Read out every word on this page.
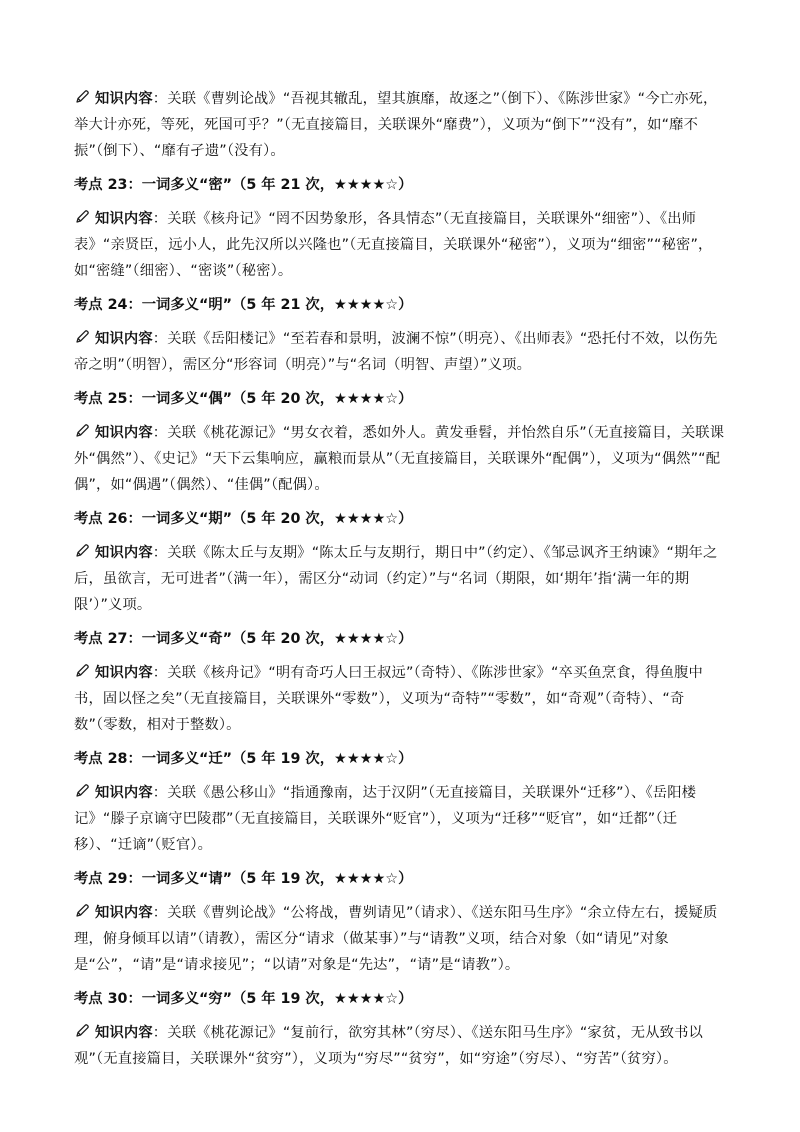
知识内容：关联《曹刿论战》“吾视其辙乱，望其旗靡，故逐之”（倒下）、《陈涉世家》“今亡亦死，举大计亦死，等死，死国可乎？”（无直接篇目，关联课外“靡费”），义项为“倒下”“没有”，如“靡不振”（倒下）、“靡有孑遗”（没有）。

考点 23：一词多义“密”（5 年 21 次，★★★★☆）

知识内容：关联《核舟记》“罔不因势象形，各具情态”（无直接篇目，关联课外“细密”）、《出师表》“亲贤臣，远小人，此先汉所以兴隆也”（无直接篇目，关联课外“秘密”），义项为“细密”“秘密”，如“密缝”（细密）、“密谈”（秘密）。

考点 24：一词多义“明”（5 年 21 次，★★★★☆）

知识内容：关联《岳阳楼记》“至若春和景明，波澜不惊”（明亮）、《出师表》“恐托付不效，以伤先帝之明”（明智），需区分“形容词（明亮）”与“名词（明智、声望）”义项。

考点 25：一词多义“偶”（5 年 20 次，★★★★☆）

知识内容：关联《桃花源记》“男女衣着，悉如外人。黄发垂髫，并怡然自乐”（无直接篇目，关联课外“偶然”）、《史记》“天下云集响应，赢粮而景从”（无直接篇目，关联课外“配偶”），义项为“偶然”“配偶”，如“偶遇”（偶然）、“佳偶”（配偶）。

考点 26：一词多义“期”（5 年 20 次，★★★★☆）

知识内容：关联《陈太丘与友期》“陈太丘与友期行，期日中”（约定）、《邹忌讽齐王纳谏》“期年之后，虽欲言，无可进者”（满一年），需区分“动词（约定）”与“名词（期限，如‘期年’指‘满一年的期限’）”义项。

考点 27：一词多义“奇”（5 年 20 次，★★★★☆）

知识内容：关联《核舟记》“明有奇巧人曰王叔远”（奇特）、《陈涉世家》“卒买鱼烹食，得鱼腹中书，固以怪之矣”（无直接篇目，关联课外“零数”），义项为“奇特”“零数”，如“奇观”（奇特）、“奇数”（零数，相对于整数）。

考点 28：一词多义“迁”（5 年 19 次，★★★★☆）

知识内容：关联《愚公移山》“指通豫南，达于汉阴”（无直接篇目，关联课外“迁移”）、《岳阳楼记》“滕子京谪守巴陵郡”（无直接篇目，关联课外“贬官”），义项为“迁移”“贬官”，如“迁都”（迁移）、“迁谪”（贬官）。

考点 29：一词多义“请”（5 年 19 次，★★★★☆）

知识内容：关联《曹刿论战》“公将战，曹刿请见”（请求）、《送东阳马生序》“余立侍左右，援疑质理，俯身倾耳以请”（请教），需区分“请求（做某事）”与“请教”义项，结合对象（如“请见”对象是“公”，“请”是“请求接见”；“以请”对象是“先达”，“请”是“请教”）。

考点 30：一词多义“穷”（5 年 19 次，★★★★☆）

知识内容：关联《桃花源记》“复前行，欲穷其林”（穷尽）、《送东阳马生序》“家贫，无从致书以观”（无直接篇目，关联课外“贫穷”），义项为“穷尽”“贫穷”，如“穷途”（穷尽）、“穷苦”（贫穷）。
